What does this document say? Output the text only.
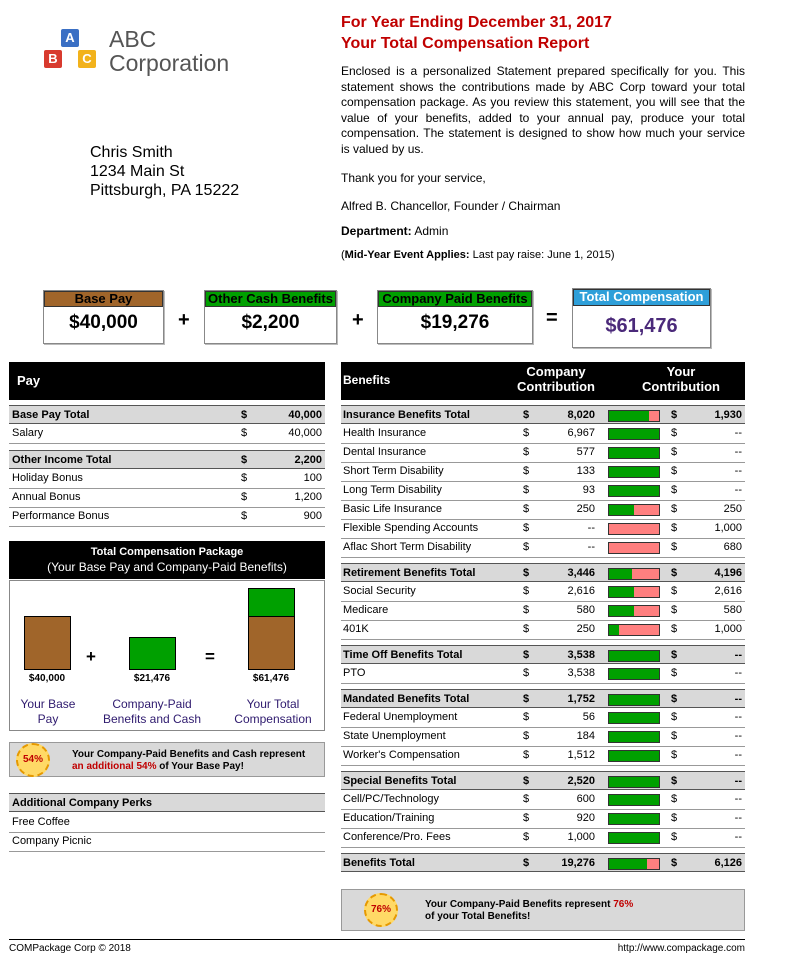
A
B	C
ABC
Corporation
For Year Ending December 31, 2017
Your Total Compensation Report
Enclosed is a personalized Statement prepared specifically for you. This statement shows the contributions made by ABC Corp toward your total compensation package. As you review this statement, you will see that the value of your benefits, added to your annual pay, produce your total compensation. The statement is designed to show how much your service is valued by us.
Thank you for your service,
Alfred B. Chancellor, Founder / Chairman
Department: Admin
(Mid-Year Event Applies: Last pay raise: June 1, 2015)
Chris Smith
1234 Main St
Pittsburgh, PA 15222
Base Pay
$40,000	+
Other Cash Benefits
$2,200	+
Company Paid Benefits
$19,276	=
Total Compensation
$61,476
Pay
Base Pay Total	$	40,000
Salary	$	40,000
Other Income Total	$	2,200
Holiday Bonus	$	100
Annual Bonus	$	1,200
Performance Bonus	$	900
Total Compensation Package
(Your Base Pay and Company-Paid Benefits)
+	=
$40,000	$21,476	$61,476
Your Base Pay
Company-Paid Benefits and Cash
Your Total Compensation
54%	Your Company-Paid Benefits and Cash represent
an additional 54% of Your Base Pay!
Additional Company Perks
Free Coffee
Company Picnic
Benefits
Company Contribution
Your Contribution
Insurance Benefits Total	$	8,020	$	1,930
Health Insurance	$	6,967	$	--
Dental Insurance	$	577	$	--
Short Term Disability	$	133	$	--
Long Term Disability	$	93	$	--
Basic Life Insurance	$	250	$	250
Flexible Spending Accounts	$	--	$	1,000
Aflac Short Term Disability	$	--	$	680
Retirement Benefits Total	$	3,446	$	4,196
Social Security	$	2,616	$	2,616
Medicare	$	580	$	580
401K	$	250	$	1,000
Time Off Benefits Total	$	3,538	$	--
PTO	$	3,538	$	--
Mandated Benefits Total	$	1,752	$	--
Federal Unemployment	$	56	$	--
State Unemployment	$	184	$	--
Worker's Compensation	$	1,512	$	--
Special Benefits Total	$	2,520	$	--
Cell/PC/Technology	$	600	$	--
Education/Training	$	920	$	--
Conference/Pro. Fees	$	1,000	$	--
Benefits Total	$	19,276	$	6,126
76%	Your Company-Paid Benefits represent 76%
of your Total Benefits!
COMPackage Corp © 2018	http://www.compackage.com
